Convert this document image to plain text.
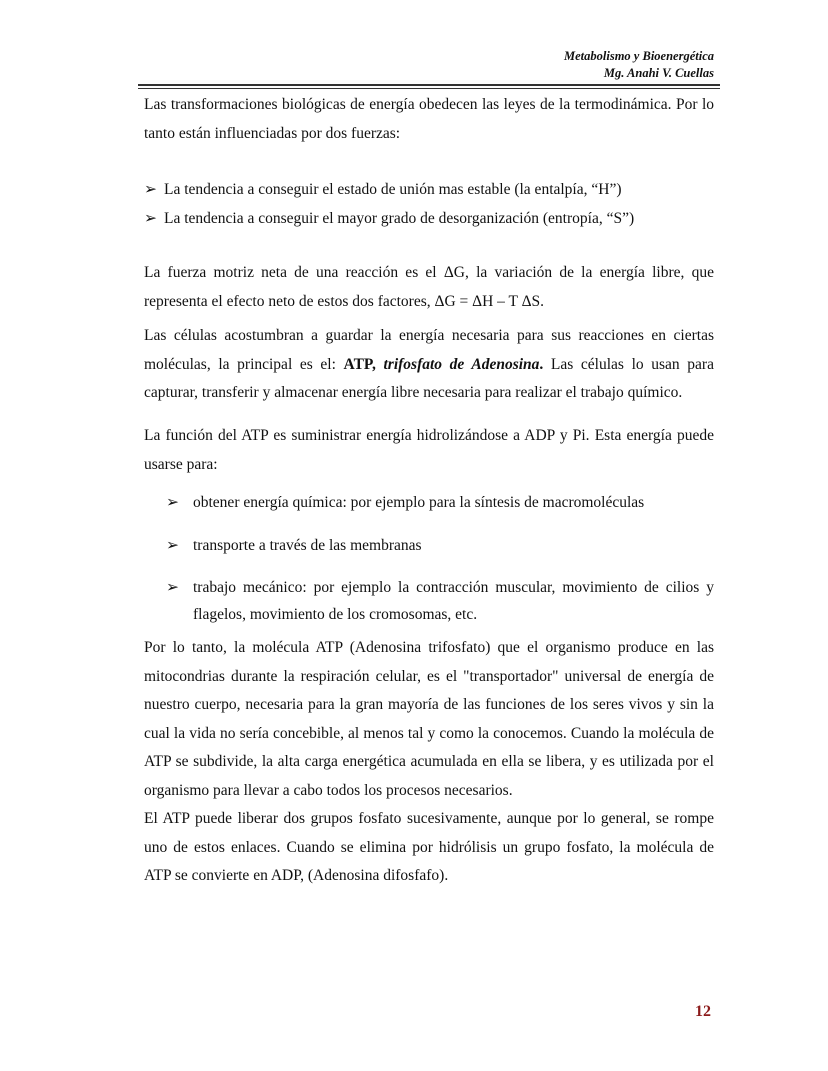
Metabolismo y Bioenergética
Mg. Anahi V. Cuellas

Las transformaciones biológicas de energía obedecen las leyes de la termodinámica. Por lo tanto están influenciadas por dos fuerzas:

➢ La tendencia a conseguir el estado de unión mas estable (la entalpía, “H”)
➢ La tendencia a conseguir el mayor grado de desorganización (entropía, “S”)

La fuerza motriz neta de una reacción es el ΔG, la variación de la energía libre, que representa el efecto neto de estos dos factores, ΔG = ΔH – T ΔS.

Las células acostumbran a guardar la energía necesaria para sus reacciones en ciertas moléculas, la principal es el: ATP, trifosfato de Adenosina. Las células lo usan para capturar, transferir y almacenar energía libre necesaria para realizar el trabajo químico.

La función del ATP es suministrar energía hidrolizándose a ADP y Pi. Esta energía puede usarse para:

➢ obtener energía química: por ejemplo para la síntesis de macromoléculas
➢ transporte a través de las membranas
➢ trabajo mecánico: por ejemplo la contracción muscular, movimiento de cilios y flagelos, movimiento de los cromosomas, etc.

Por lo tanto, la molécula ATP (Adenosina trifosfato) que el organismo produce en las mitocondrias durante la respiración celular, es el "transportador" universal de energía de nuestro cuerpo, necesaria para la gran mayoría de las funciones de los seres vivos y sin la cual la vida no sería concebible, al menos tal y como la conocemos. Cuando la molécula de ATP se subdivide, la alta carga energética acumulada en ella se libera, y es utilizada por el organismo para llevar a cabo todos los procesos necesarios.

El ATP puede liberar dos grupos fosfato sucesivamente, aunque por lo general, se rompe uno de estos enlaces. Cuando se elimina por hidrólisis un grupo fosfato, la molécula de ATP se convierte en ADP, (Adenosina difosfafo).

12
